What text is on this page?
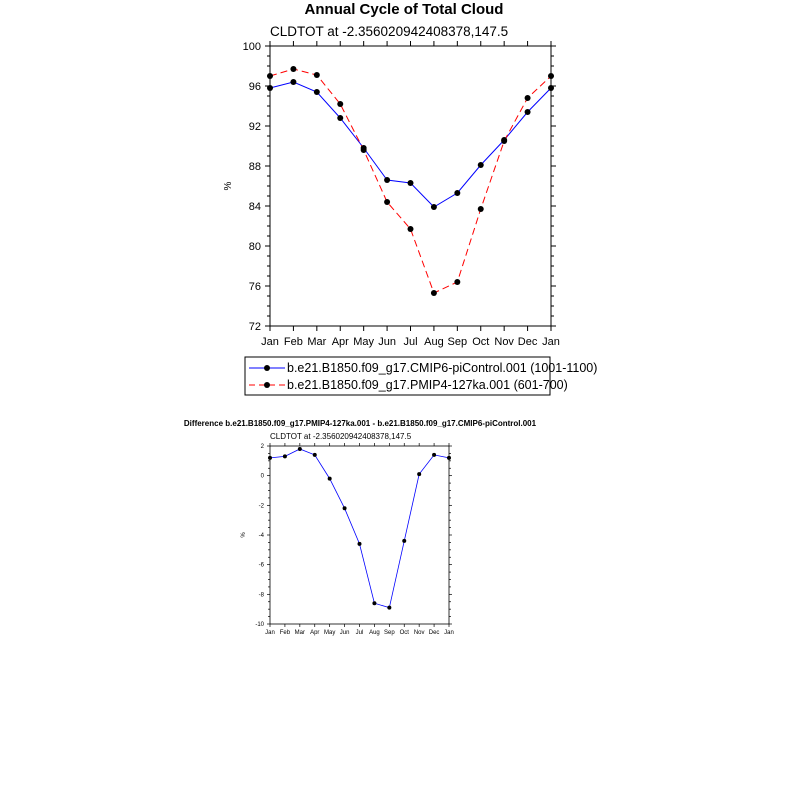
Annual Cycle of Total Cloud
CLDTOT at -2.356020942408378,147.5
Jan Feb Mar Apr May Jun Jul Aug Sep Oct Nov Dec Jan
72
76
80
84
88
92
96
100
%
b.e21.B1850.f09_g17.CMIP6-piControl.001 (1001-1100)
b.e21.B1850.f09_g17.PMIP4-127ka.001 (601-700)
Difference b.e21.B1850.f09_g17.PMIP4-127ka.001 - b.e21.B1850.f09_g17.CMIP6-piControl.001
CLDTOT at -2.356020942408378,147.5
Jan Feb Mar Apr May Jun Jul Aug Sep Oct Nov Dec Jan
-10
-8
-6
-4
-2
0
2
%
